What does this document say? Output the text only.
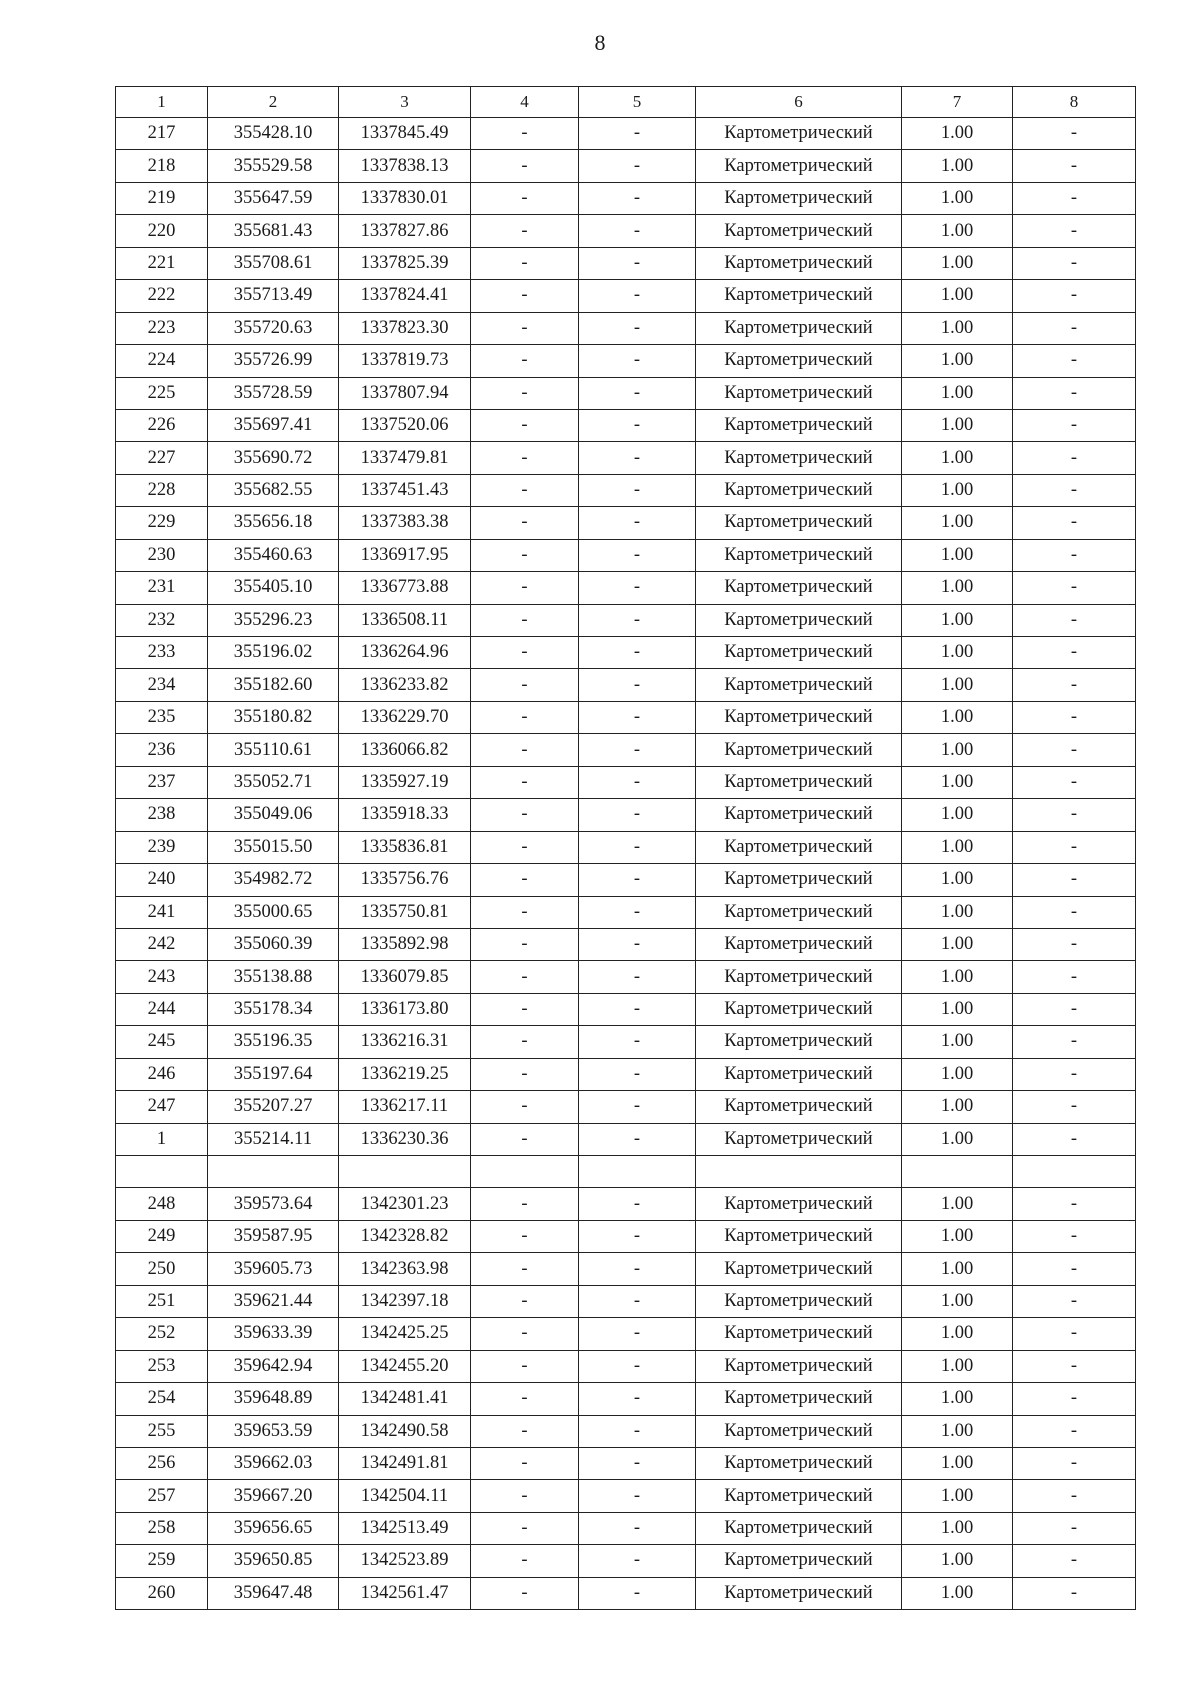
8
1	2	3	4	5	6	7	8
217	355428.10	1337845.49	-	-	Картометрический	1.00	-
218	355529.58	1337838.13	-	-	Картометрический	1.00	-
219	355647.59	1337830.01	-	-	Картометрический	1.00	-
220	355681.43	1337827.86	-	-	Картометрический	1.00	-
221	355708.61	1337825.39	-	-	Картометрический	1.00	-
222	355713.49	1337824.41	-	-	Картометрический	1.00	-
223	355720.63	1337823.30	-	-	Картометрический	1.00	-
224	355726.99	1337819.73	-	-	Картометрический	1.00	-
225	355728.59	1337807.94	-	-	Картометрический	1.00	-
226	355697.41	1337520.06	-	-	Картометрический	1.00	-
227	355690.72	1337479.81	-	-	Картометрический	1.00	-
228	355682.55	1337451.43	-	-	Картометрический	1.00	-
229	355656.18	1337383.38	-	-	Картометрический	1.00	-
230	355460.63	1336917.95	-	-	Картометрический	1.00	-
231	355405.10	1336773.88	-	-	Картометрический	1.00	-
232	355296.23	1336508.11	-	-	Картометрический	1.00	-
233	355196.02	1336264.96	-	-	Картометрический	1.00	-
234	355182.60	1336233.82	-	-	Картометрический	1.00	-
235	355180.82	1336229.70	-	-	Картометрический	1.00	-
236	355110.61	1336066.82	-	-	Картометрический	1.00	-
237	355052.71	1335927.19	-	-	Картометрический	1.00	-
238	355049.06	1335918.33	-	-	Картометрический	1.00	-
239	355015.50	1335836.81	-	-	Картометрический	1.00	-
240	354982.72	1335756.76	-	-	Картометрический	1.00	-
241	355000.65	1335750.81	-	-	Картометрический	1.00	-
242	355060.39	1335892.98	-	-	Картометрический	1.00	-
243	355138.88	1336079.85	-	-	Картометрический	1.00	-
244	355178.34	1336173.80	-	-	Картометрический	1.00	-
245	355196.35	1336216.31	-	-	Картометрический	1.00	-
246	355197.64	1336219.25	-	-	Картометрический	1.00	-
247	355207.27	1336217.11	-	-	Картометрический	1.00	-
1	355214.11	1336230.36	-	-	Картометрический	1.00	-

248	359573.64	1342301.23	-	-	Картометрический	1.00	-
249	359587.95	1342328.82	-	-	Картометрический	1.00	-
250	359605.73	1342363.98	-	-	Картометрический	1.00	-
251	359621.44	1342397.18	-	-	Картометрический	1.00	-
252	359633.39	1342425.25	-	-	Картометрический	1.00	-
253	359642.94	1342455.20	-	-	Картометрический	1.00	-
254	359648.89	1342481.41	-	-	Картометрический	1.00	-
255	359653.59	1342490.58	-	-	Картометрический	1.00	-
256	359662.03	1342491.81	-	-	Картометрический	1.00	-
257	359667.20	1342504.11	-	-	Картометрический	1.00	-
258	359656.65	1342513.49	-	-	Картометрический	1.00	-
259	359650.85	1342523.89	-	-	Картометрический	1.00	-
260	359647.48	1342561.47	-	-	Картометрический	1.00	-
